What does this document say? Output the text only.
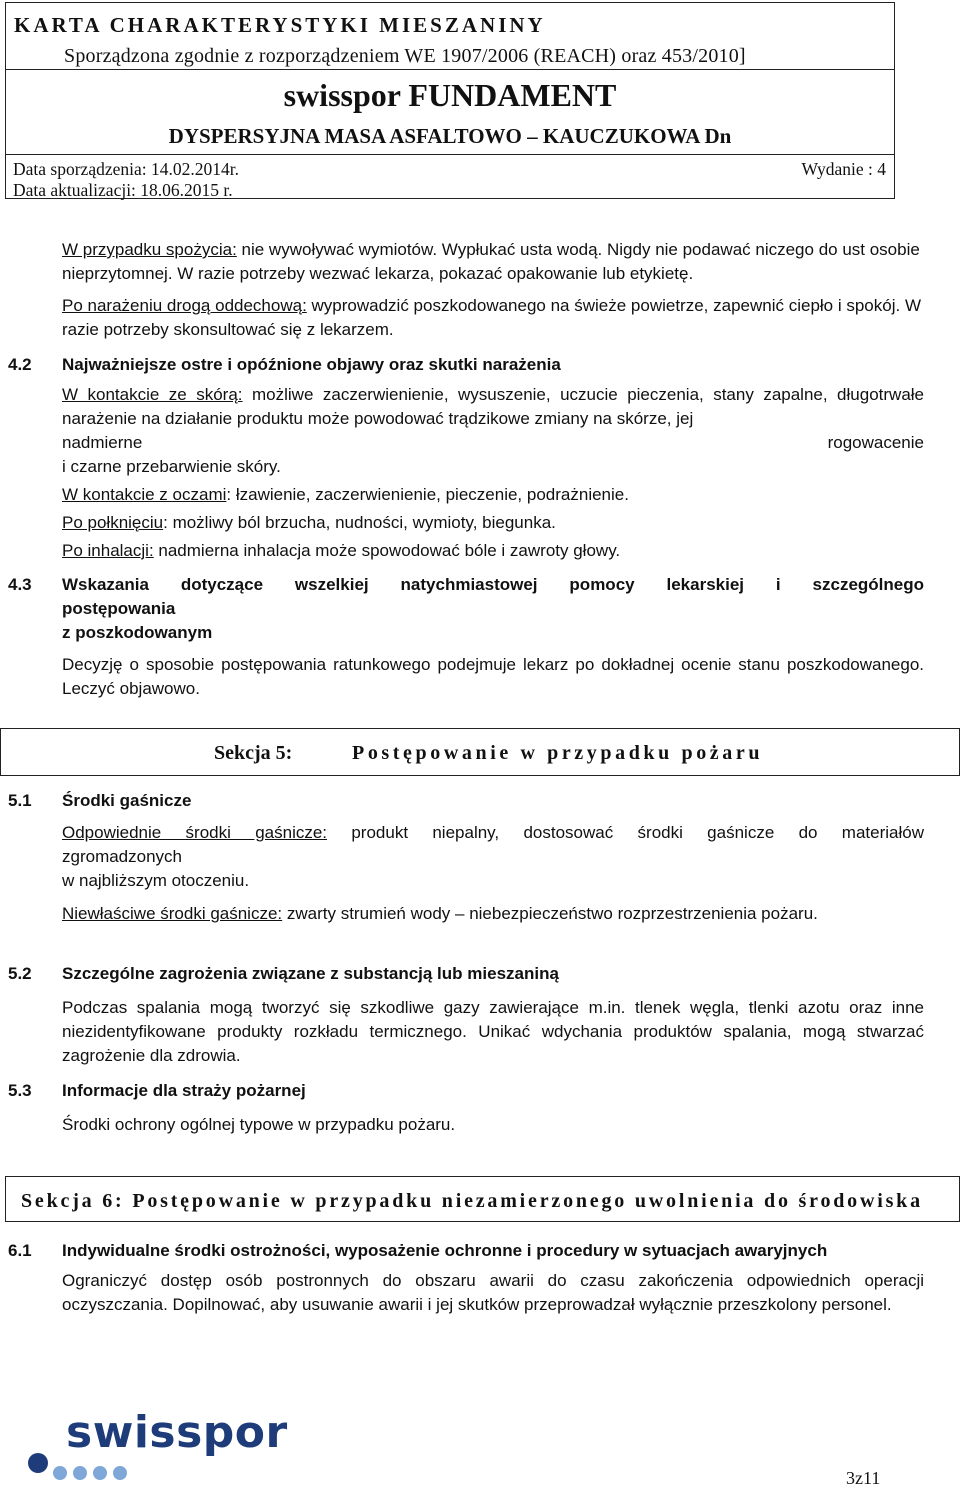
KARTA CHARAKTERYSTYKI MIESZANINY
Sporządzona zgodnie z rozporządzeniem WE 1907/2006 (REACH) oraz 453/2010]
swisspor FUNDAMENT
DYSPERSYJNA MASA ASFALTOWO – KAUCZUKOWA Dn
Data sporządzenia: 14.02.2014r.
Data aktualizacji: 18.06.2015 r.
Wydanie : 4
W przypadku spożycia: nie wywoływać wymiotów. Wypłukać usta wodą. Nigdy nie podawać niczego do ust osobie nieprzytomnej. W razie potrzeby wezwać lekarza, pokazać opakowanie lub etykietę.
Po narażeniu drogą oddechową: wyprowadzić poszkodowanego na świeże powietrze, zapewnić ciepło i spokój. W razie potrzeby skonsultować się z lekarzem.
4.2 Najważniejsze ostre i opóźnione objawy oraz skutki narażenia
W kontakcie ze skórą: możliwe zaczerwienienie, wysuszenie, uczucie pieczenia, stany zapalne, długotrwałe narażenie na działanie produktu może powodować trądzikowe zmiany na skórze, jej
nadmierne	rogowacenie
i czarne przebarwienie skóry.
W kontakcie z oczami: łzawienie, zaczerwienienie, pieczenie, podrażnienie.
Po połknięciu: możliwy ból brzucha, nudności, wymioty, biegunka.
Po inhalacji: nadmierna inhalacja może spowodować bóle i zawroty głowy.
4.3 Wskazania dotyczące wszelkiej natychmiastowej pomocy lekarskiej i szczególnego
postępowania
z poszkodowanym
Decyzję o sposobie postępowania ratunkowego podejmuje lekarz po dokładnej ocenie stanu poszkodowanego. Leczyć objawowo.
Sekcja 5:	Postępowanie w przypadku pożaru
5.1 Środki gaśnicze
Odpowiednie środki gaśnicze: produkt niepalny, dostosować środki gaśnicze do materiałów
zgromadzonych
w najbliższym otoczeniu.
Niewłaściwe środki gaśnicze: zwarty strumień wody – niebezpieczeństwo rozprzestrzenienia pożaru.
5.2 Szczególne zagrożenia związane z substancją lub mieszaniną
Podczas spalania mogą tworzyć się szkodliwe gazy zawierające m.in. tlenek węgla, tlenki azotu oraz inne niezidentyfikowane produkty rozkładu termicznego. Unikać wdychania produktów spalania, mogą stwarzać zagrożenie dla zdrowia.
5.3 Informacje dla straży pożarnej
Środki ochrony ogólnej typowe w przypadku pożaru.
Sekcja 6: Postępowanie w przypadku niezamierzonego uwolnienia do środowiska
6.1 Indywidualne środki ostrożności, wyposażenie ochronne i procedury w sytuacjach awaryjnych
Ograniczyć dostęp osób postronnych do obszaru awarii do czasu zakończenia odpowiednich operacji oczyszczania. Dopilnować, aby usuwanie awarii i jej skutków przeprowadzał wyłącznie przeszkolony personel.
swisspor
3z11
